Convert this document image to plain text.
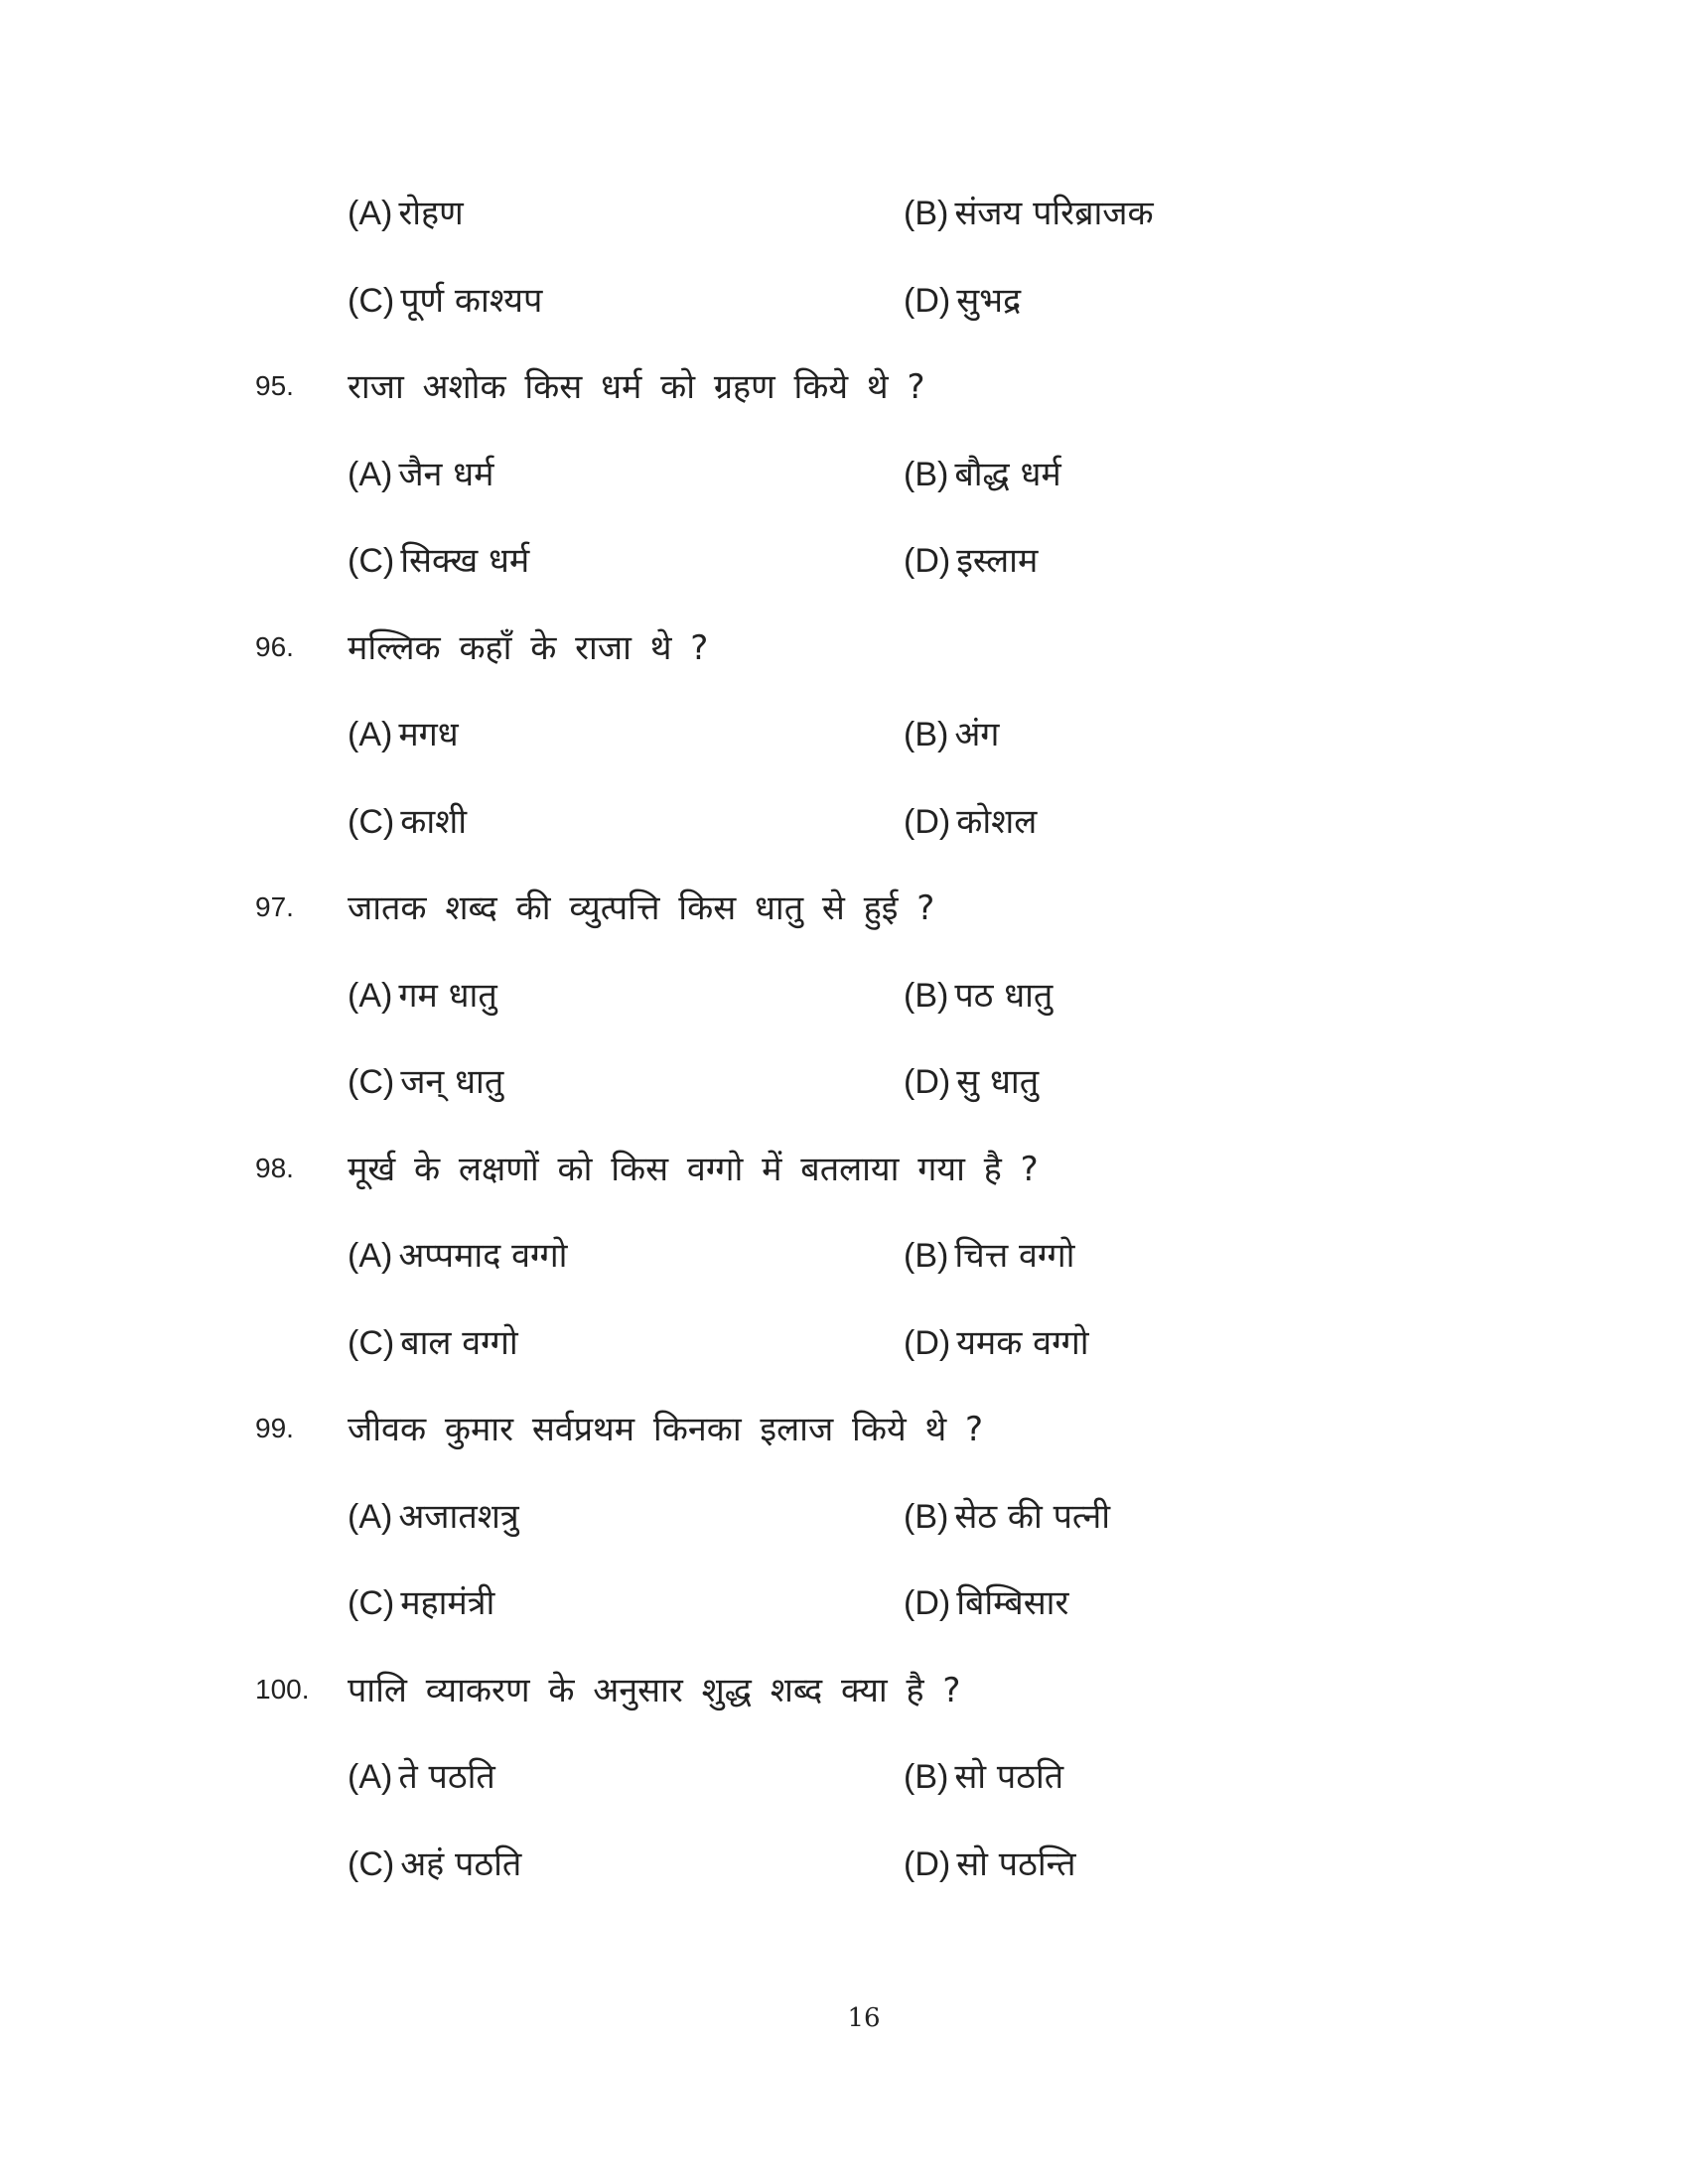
(A) रोहण	(B) संजय परिब्राजक
(C) पूर्ण काश्यप	(D) सुभद्र
95. राजा अशोक किस धर्म को ग्रहण किये थे ?
(A) जैन धर्म	(B) बौद्ध धर्म
(C) सिक्ख धर्म	(D) इस्लाम
96. मल्लिक कहाँ के राजा थे ?
(A) मगध	(B) अंग
(C) काशी	(D) कोशल
97. जातक शब्द की व्युत्पत्ति किस धातु से हुई ?
(A) गम धातु	(B) पठ धातु
(C) जन् धातु	(D) सु धातु
98. मूर्ख के लक्षणों को किस वग्गो में बतलाया गया है ?
(A) अप्पमाद वग्गो	(B) चित्त वग्गो
(C) बाल वग्गो	(D) यमक वग्गो
99. जीवक कुमार सर्वप्रथम किनका इलाज किये थे ?
(A) अजातशत्रु	(B) सेठ की पत्नी
(C) महामंत्री	(D) बिम्बिसार
100. पालि व्याकरण के अनुसार शुद्ध शब्द क्या है ?
(A) ते पठति	(B) सो पठति
(C) अहं पठति	(D) सो पठन्ति
16
